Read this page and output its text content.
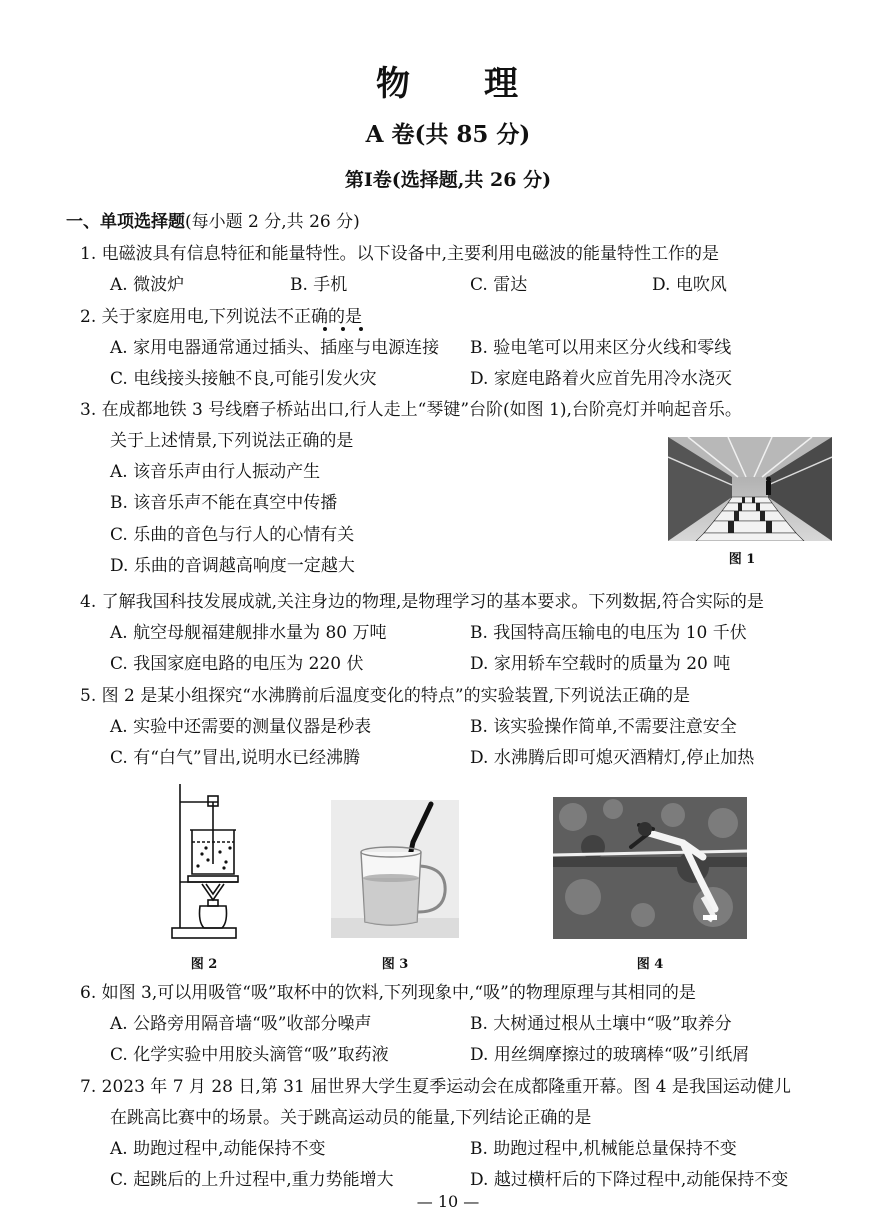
物　　理
A 卷(共 85 分)
第Ⅰ卷(选择题,共 26 分)
一、单项选择题(每小题 2 分,共 26 分)
1. 电磁波具有信息特征和能量特性。以下设备中,主要利用电磁波的能量特性工作的是
A. 微波炉	B. 手机	C. 雷达	D. 电吹风
2. 关于家庭用电,下列说法不正确的是
A. 家用电器通常通过插头、插座与电源连接 B. 验电笔可以用来区分火线和零线
C. 电线接头接触不良,可能引发火灾	D. 家庭电路着火应首先用冷水浇灭
3. 在成都地铁 3 号线磨子桥站出口,行人走上“琴键”台阶(如图 1),台阶亮灯并响起音乐。
关于上述情景,下列说法正确的是
A. 该音乐声由行人振动产生
B. 该音乐声不能在真空中传播
C. 乐曲的音色与行人的心情有关
D. 乐曲的音调越高响度一定越大	图 1
4. 了解我国科技发展成就,关注身边的物理,是物理学习的基本要求。下列数据,符合实际的是
A. 航空母舰福建舰排水量为 80 万吨	B. 我国特高压输电的电压为 10 千伏
C. 我国家庭电路的电压为 220 伏	D. 家用轿车空载时的质量为 20 吨
5. 图 2 是某小组探究“水沸腾前后温度变化的特点”的实验装置,下列说法正确的是
A. 实验中还需要的测量仪器是秒表	B. 该实验操作简单,不需要注意安全
C. 有“白气”冒出,说明水已经沸腾	D. 水沸腾后即可熄灭酒精灯,停止加热
图 2	图 3	图 4
6. 如图 3,可以用吸管“吸”取杯中的饮料,下列现象中,“吸”的物理原理与其相同的是
A. 公路旁用隔音墙“吸”收部分噪声	B. 大树通过根从土壤中“吸”取养分
C. 化学实验中用胶头滴管“吸”取药液	D. 用丝绸摩擦过的玻璃棒“吸”引纸屑
7. 2023 年 7 月 28 日,第 31 届世界大学生夏季运动会在成都隆重开幕。图 4 是我国运动健儿
在跳高比赛中的场景。关于跳高运动员的能量,下列结论正确的是
A. 助跑过程中,动能保持不变	B. 助跑过程中,机械能总量保持不变
C. 起跳后的上升过程中,重力势能增大	D. 越过横杆后的下降过程中,动能保持不变
— 10 —
